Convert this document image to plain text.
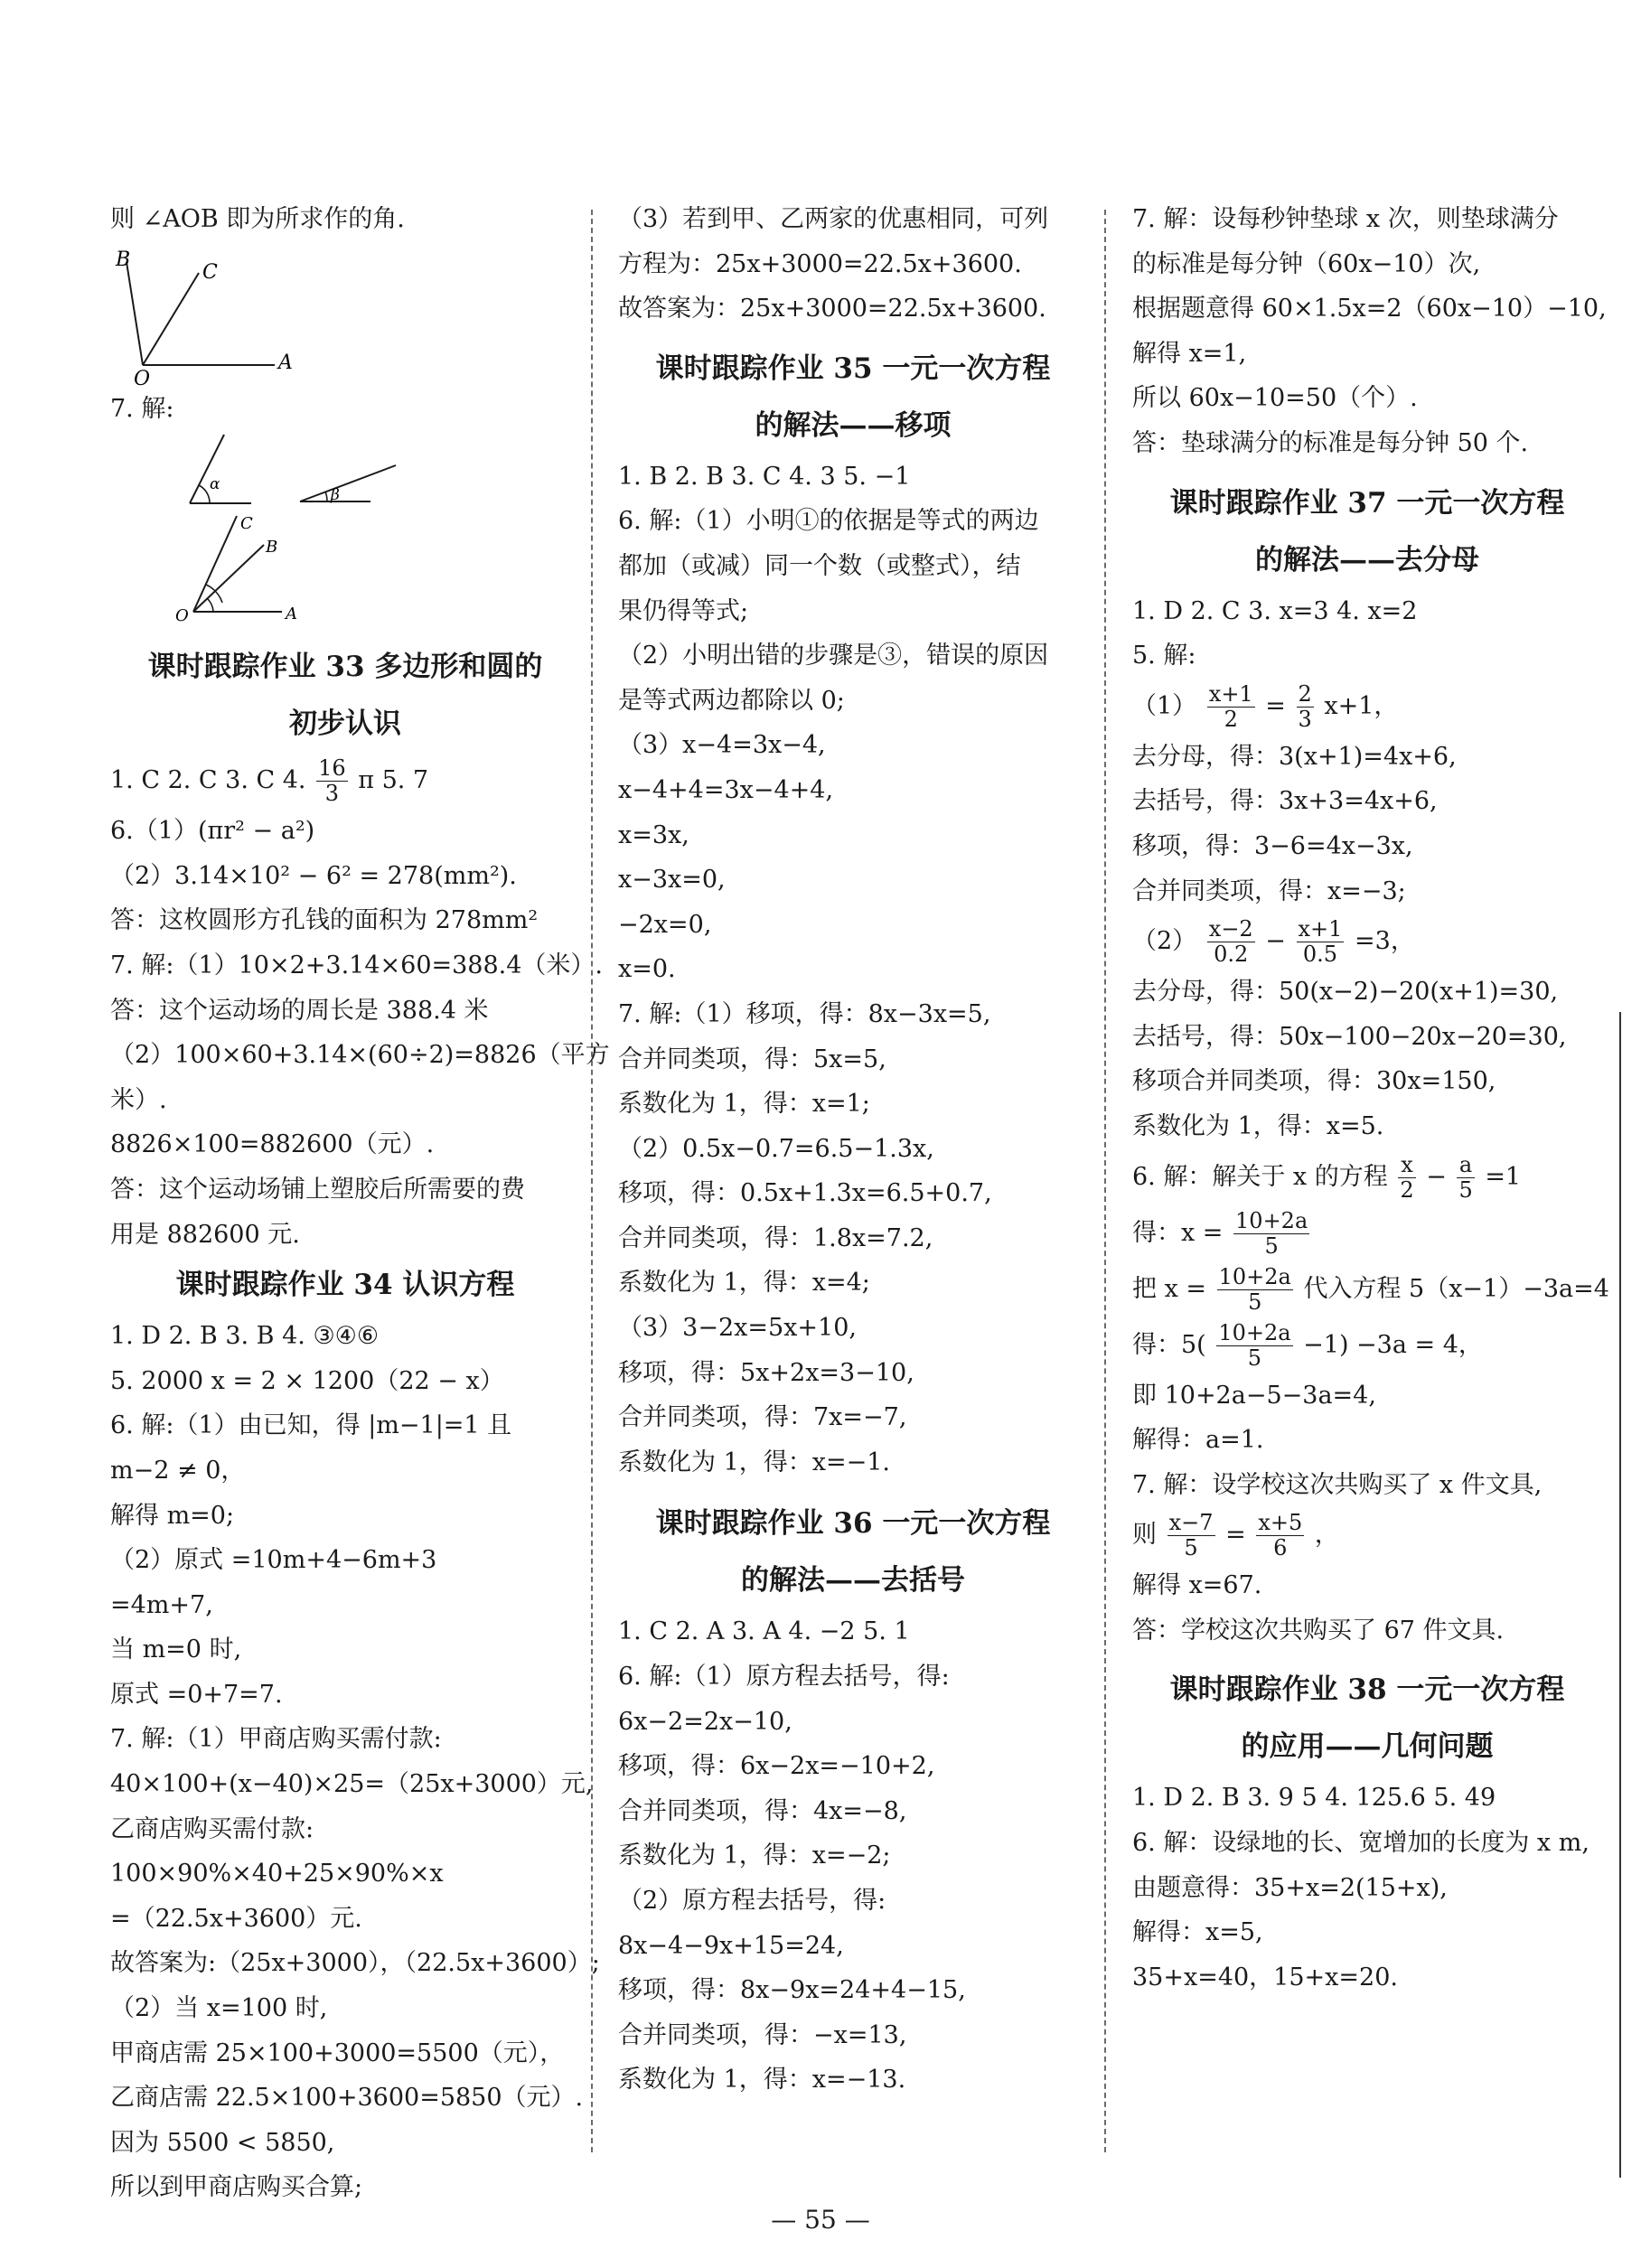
则 ∠AOB 即为所求作的角.
B
C
O
A
7. 解:
α
β
C
B
O	A
课时跟踪作业 33 多边形和圆的
初步认识
1. C 2. C 3. C 4. $\frac{16}{3}$ π 5. 7
6.（1）(πr² − a²)
（2）3.14×10² − 6² = 278(mm²).
答：这枚圆形方孔钱的面积为 278mm²
7. 解:（1）10×2+3.14×60=388.4（米）.
答：这个运动场的周长是 388.4 米
（2）100×60+3.14×(60÷2)=8826（平方
米）.
8826×100=882600（元）.
答：这个运动场铺上塑胶后所需要的费
用是 882600 元.
课时跟踪作业 34 认识方程
1. D 2. B 3. B 4. ③④⑥
5. 2000 x = 2 × 1200（22 − x）
6. 解:（1）由已知，得 |m−1|=1 且
m−2 ≠ 0，
解得 m=0;
（2）原式 =10m+4−6m+3
=4m+7,
当 m=0 时,
原式 =0+7=7.
7. 解:（1）甲商店购买需付款:
40×100+(x−40)×25=（25x+3000）元,
乙商店购买需付款:
100×90%×40+25×90%×x
=（22.5x+3600）元.
故答案为:（25x+3000），（22.5x+3600）;
（2）当 x=100 时,
甲商店需 25×100+3000=5500（元），
乙商店需 22.5×100+3600=5850（元）.
因为 5500 < 5850,
所以到甲商店购买合算;
（3）若到甲、乙两家的优惠相同，可列
方程为：25x+3000=22.5x+3600.
故答案为：25x+3000=22.5x+3600.
课时跟踪作业 35 一元一次方程
的解法——移项
1. B 2. B 3. C 4. 3 5. −1
6. 解:（1）小明①的依据是等式的两边
都加（或减）同一个数（或整式），结
果仍得等式;
（2）小明出错的步骤是③，错误的原因
是等式两边都除以 0;
（3）x−4=3x−4,
x−4+4=3x−4+4,
x=3x,
x−3x=0,
−2x=0,
x=0.
7. 解:（1）移项，得：8x−3x=5,
合并同类项，得：5x=5,
系数化为 1，得：x=1;
（2）0.5x−0.7=6.5−1.3x,
移项，得：0.5x+1.3x=6.5+0.7,
合并同类项，得：1.8x=7.2,
系数化为 1，得：x=4;
（3）3−2x=5x+10,
移项，得：5x+2x=3−10,
合并同类项，得：7x=−7,
系数化为 1，得：x=−1.
课时跟踪作业 36 一元一次方程
的解法——去括号
1. C 2. A 3. A 4. −2 5. 1
6. 解:（1）原方程去括号，得:
6x−2=2x−10,
移项，得：6x−2x=−10+2,
合并同类项，得：4x=−8,
系数化为 1，得：x=−2;
（2）原方程去括号，得:
8x−4−9x+15=24,
移项，得：8x−9x=24+4−15,
合并同类项，得：−x=13,
系数化为 1，得：x=−13.
7. 解：设每秒钟垫球 x 次，则垫球满分
的标准是每分钟（60x−10）次,
根据题意得 60×1.5x=2（60x−10）−10,
解得 x=1,
所以 60x−10=50（个）.
答：垫球满分的标准是每分钟 50 个.
课时跟踪作业 37 一元一次方程
的解法——去分母
1. D 2. C 3. x=3 4. x=2
5. 解:
$(1) \frac{x+1}{2} = \frac{2}{3} x+1$，
去分母，得：3(x+1)=4x+6,
去括号，得：3x+3=4x+6,
移项，得：3−6=4x−3x,
合并同类项，得：x=−3;
$(2) \frac{x-2}{0.2} - \frac{x+1}{0.5} =3$，
去分母，得：50(x−2)−20(x+1)=30,
去括号，得：50x−100−20x−20=30,
移项合并同类项，得：30x=150,
系数化为 1，得：x=5.
6. 解：解关于 x 的方程 $\frac{x}{2} - \frac{a}{5} =1$
得：$x = \frac{10+2a}{5}$
把 $x = \frac{10+2a}{5}$ 代入方程 5（x−1）−3a=4
得：$5( \frac{10+2a}{5} -1) -3a = 4$，
即 10+2a−5−3a=4,
解得：a=1.
7. 解：设学校这次共购买了 x 件文具,
则 $\frac{x-7}{5} = \frac{x+5}{6}$ ，
解得 x=67.
答：学校这次共购买了 67 件文具.
课时跟踪作业 38 一元一次方程
的应用——几何问题
1. D 2. B 3. 9 5 4. 125.6 5. 49
6. 解：设绿地的长、宽增加的长度为 x m,
由题意得：35+x=2(15+x),
解得：x=5,
35+x=40，15+x=20.
— 55 —
